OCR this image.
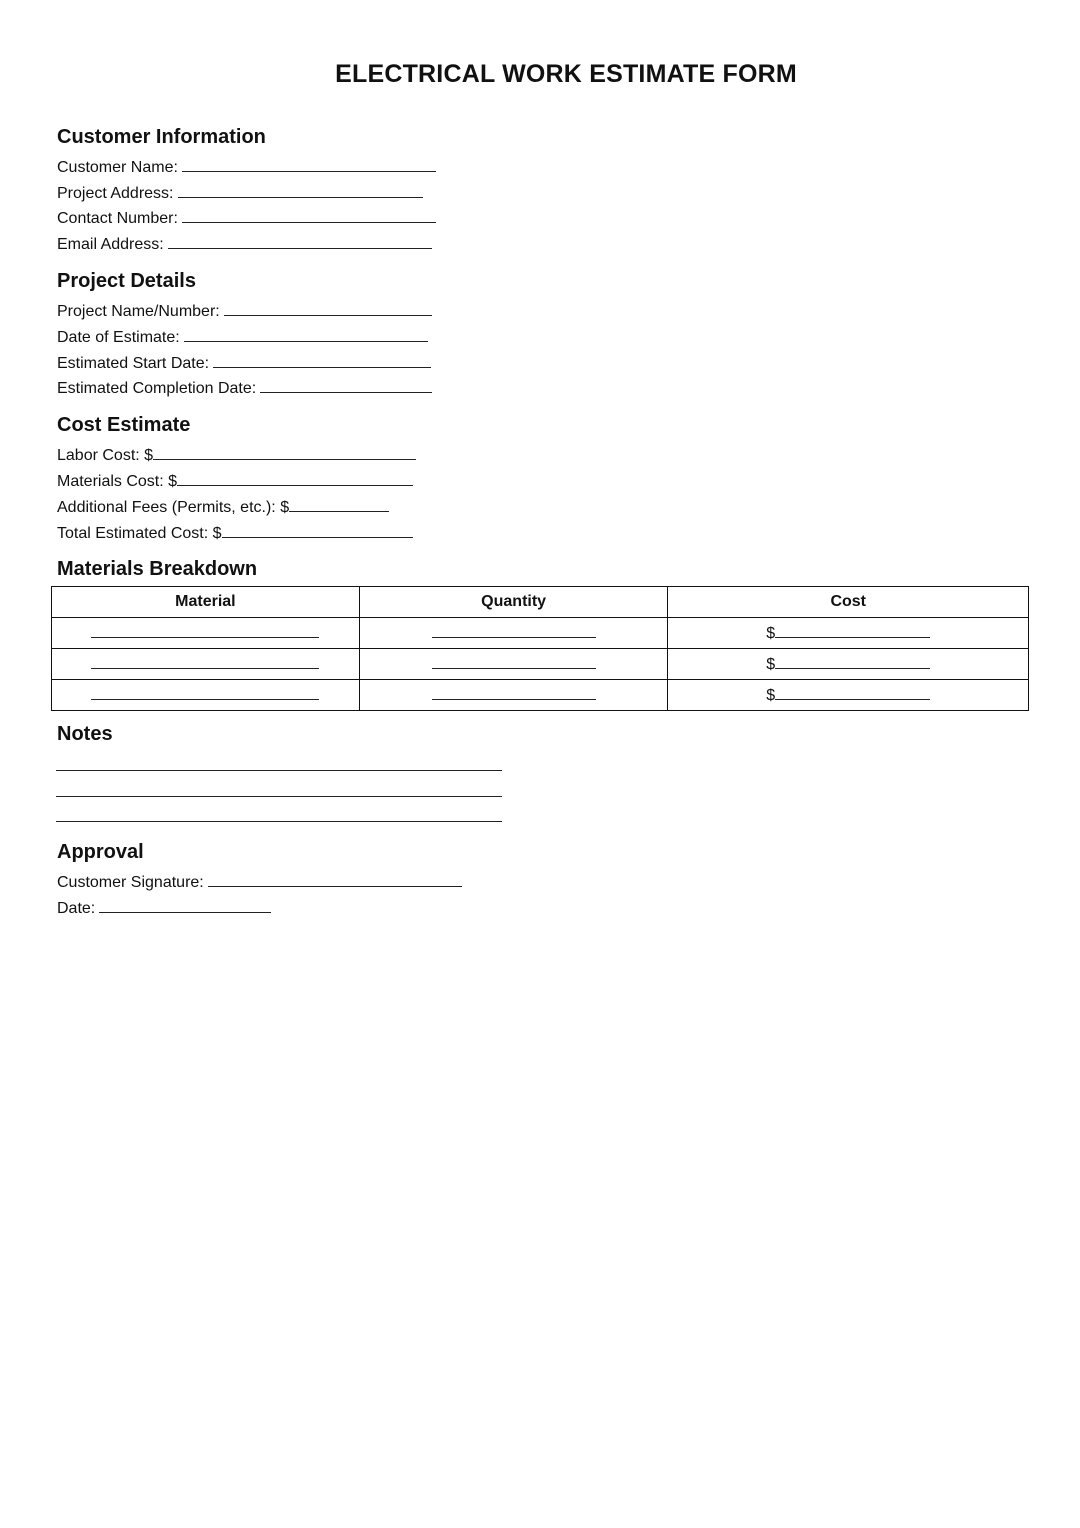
ELECTRICAL WORK ESTIMATE FORM
Customer Information
Customer Name:
Project Address:
Contact Number:
Email Address:
Project Details
Project Name/Number:
Date of Estimate:
Estimated Start Date:
Estimated Completion Date:
Cost Estimate
Labor Cost: $
Materials Cost: $
Additional Fees (Permits, etc.): $
Total Estimated Cost: $
Materials Breakdown
Material	Quantity	Cost
		$
		$
		$
Notes
Approval
Customer Signature:
Date:
